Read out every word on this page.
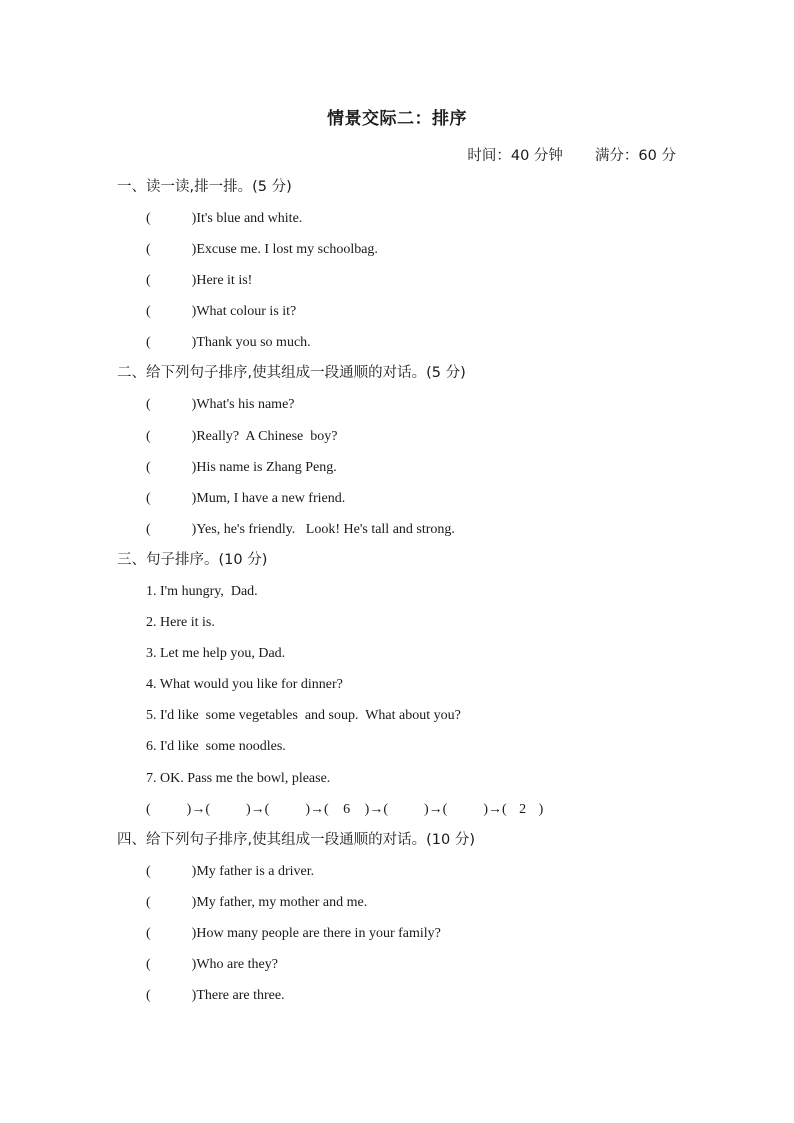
情景交际二：排序
时间：40 分钟 满分：60 分
一、读一读,排一排。(5 分)
(	)It's blue and white.
(	)Excuse me. I lost my schoolbag.
(	)Here it is!
(	)What colour is it?
(	)Thank you so much.
二、给下列句子排序,使其组成一段通顺的对话。(5 分)
(	)What's his name?
(	)Really?  A Chinese  boy?
(	)His name is Zhang Peng.
(	)Mum, I have a new friend.
(	)Yes, he's friendly.   Look! He's tall and strong.
三、句子排序。(10 分)
1. I'm hungry,  Dad.
2. Here it is.
3. Let me help you, Dad.
4. What would you like for dinner?
5. I'd like  some vegetables  and soup.  What about you?
6. I'd like  some noodles.
7. OK. Pass me the bowl, please.
(	)→(	)→(	)→( 6 )→(	)→(	)→( 2 )
四、给下列句子排序,使其组成一段通顺的对话。(10 分)
(	)My father is a driver.
(	)My father, my mother and me.
(	)How many people are there in your family?
(	)Who are they?
(	)There are three.
